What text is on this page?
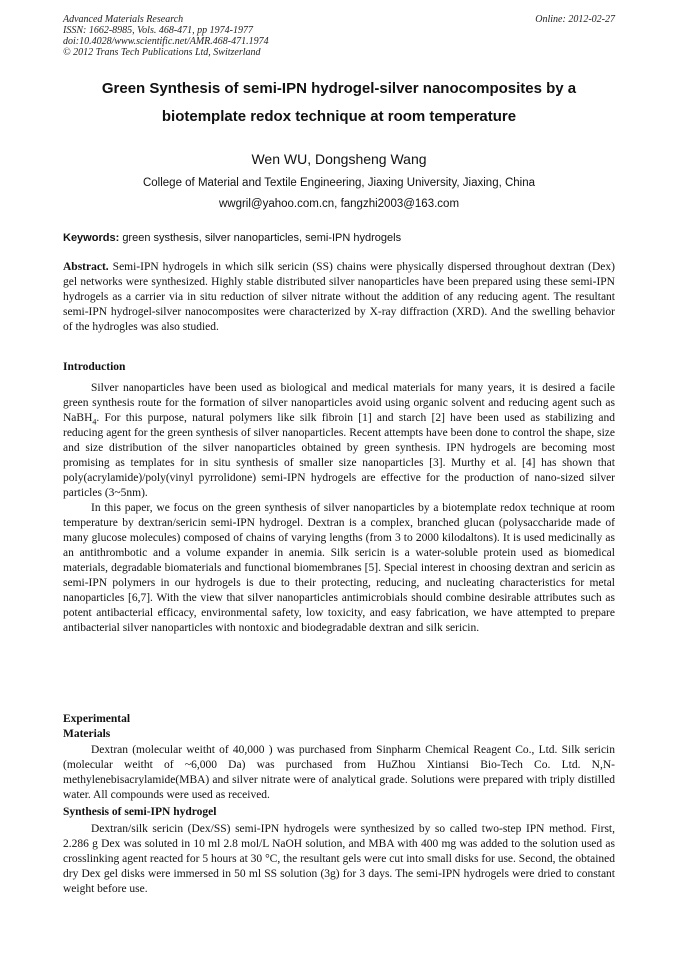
Advanced Materials Research
ISSN: 1662-8985, Vols. 468-471, pp 1974-1977
doi:10.4028/www.scientific.net/AMR.468-471.1974
© 2012 Trans Tech Publications Ltd, Switzerland
Online: 2012-02-27
Green Synthesis of semi-IPN hydrogel-silver nanocomposites by a
biotemplate redox technique at room temperature
Wen WU, Dongsheng Wang
College of Material and Textile Engineering, Jiaxing University, Jiaxing, China
wwgril@yahoo.com.cn, fangzhi2003@163.com
Keywords: green systhesis, silver nanoparticles, semi-IPN hydrogels

Abstract. Semi-IPN hydrogels in which silk sericin (SS) chains were physically dispersed throughout dextran (Dex) gel networks were synthesized. Highly stable distributed silver nanoparticles have been prepared using these semi-IPN hydrogels as a carrier via in situ reduction of silver nitrate without the addition of any reducing agent. The resultant semi-IPN hydrogel-silver nanocomposites were characterized by X-ray diffraction (XRD). And the swelling behavior of the hydrogles was also studied.

Introduction

Silver nanoparticles have been used as biological and medical materials for many years, it is desired a facile green synthesis route for the formation of silver nanoparticles avoid using organic solvent and reducing agent such as NaBH$_4$. For this purpose, natural polymers like silk fibroin [1] and starch [2] have been used as stabilizing and reducing agent for the green synthesis of silver nanoparticles. Recent attempts have been done to control the shape, size and size distribution of the silver nanoparticles obtained by green synthesis. IPN hydrogels are becoming most promising as templates for in situ synthesis of smaller size nanoparticles [3]. Murthy et al. [4] has shown that poly(acrylamide)/poly(vinyl pyrrolidone) semi-IPN hydrogels are effective for the production of nano-sized silver particles (3~5nm).

In this paper, we focus on the green synthesis of silver nanoparticles by a biotemplate redox technique at room temperature by dextran/sericin semi-IPN hydrogel. Dextran is a complex, branched glucan (polysaccharide made of many glucose molecules) composed of chains of varying lengths (from 3 to 2000 kilodaltons). It is used medicinally as an antithrombotic and a volume expander in anemia. Silk sericin is a water-soluble protein used as biomedical materials, degradable biomaterials and functional biomembranes [5]. Special interest in choosing dextran and sericin as semi-IPN polymers in our hydrogels is due to their protecting, reducing, and nucleating characteristics for metal nanoparticles [6,7]. With the view that silver nanoparticles antimicrobials should combine desirable attributes such as potent antibacterial efficacy, environmental safety, low toxicity, and easy fabrication, we have attempted to prepare antibacterial silver nanoparticles with nontoxic and biodegradable dextran and silk sericin.

Experimental
Materials

Dextran (molecular weitht of 40,000 ) was purchased from Sinpharm Chemical Reagent Co., Ltd. Silk sericin (molecular weitht of ~6,000 Da) was purchased from HuZhou Xintiansi Bio-Tech Co. Ltd. N,N-methylenebisacrylamide(MBA) and silver nitrate were of analytical grade. Solutions were prepared with triply distilled water. All compounds were used as received.

Synthesis of semi-IPN hydrogel

Dextran/silk sericin (Dex/SS) semi-IPN hydrogels were synthesized by so called two-step IPN method. First, 2.286 g Dex was soluted in 10 ml 2.8 mol/L NaOH solution, and MBA with 400 mg was added to the solution used as crosslinking agent reacted for 5 hours at 30 °C, the resultant gels were cut into small disks for use. Second, the obtained dry Dex gel disks were immersed in 50 ml SS solution (3g) for 3 days. The semi-IPN hydrogels were dried to constant weight before use.
